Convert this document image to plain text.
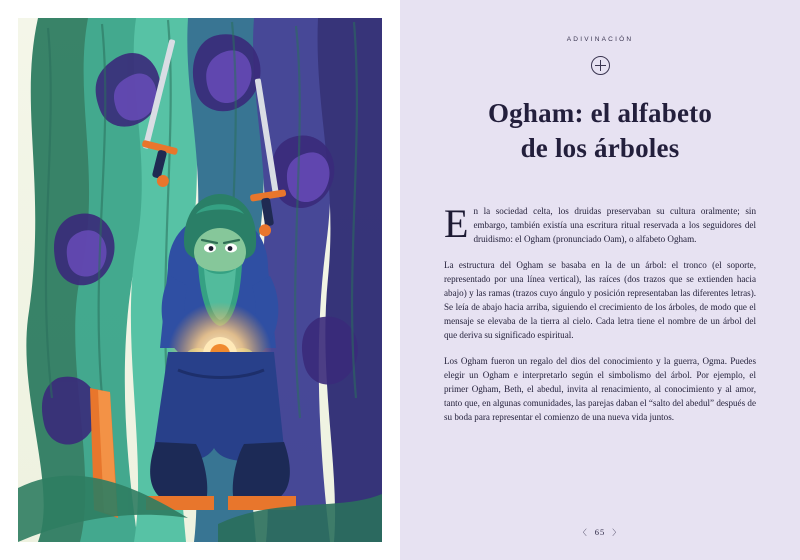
ADIVINACIÓN
Ogham: el alfabeto
de los árboles

En la sociedad celta, los druidas preservaban su cultura oralmente; sin embargo, también existía una escritura ritual reservada a los seguidores del druidismo: el Ogham (pronunciado Oam), o alfabeto Ogham.

La estructura del Ogham se basaba en la de un árbol: el tronco (el soporte, representado por una línea vertical), las raíces (dos trazos que se extienden hacia abajo) y las ramas (trazos cuyo ángulo y posición representaban las diferentes letras). Se leía de abajo hacia arriba, siguiendo el crecimiento de los árboles, de modo que el mensaje se elevaba de la tierra al cielo. Cada letra tiene el nombre de un árbol del que deriva su significado espiritual.

Los Ogham fueron un regalo del dios del conocimiento y la guerra, Ogma. Puedes elegir un Ogham e interpretarlo según el simbolismo del árbol. Por ejemplo, el primer Ogham, Beth, el abedul, invita al renacimiento, al conocimiento y al amor, tanto que, en algunas comunidades, las parejas daban el “salto del abedul” después de su boda para representar el comienzo de una nueva vida juntos.

〈 65 〉
